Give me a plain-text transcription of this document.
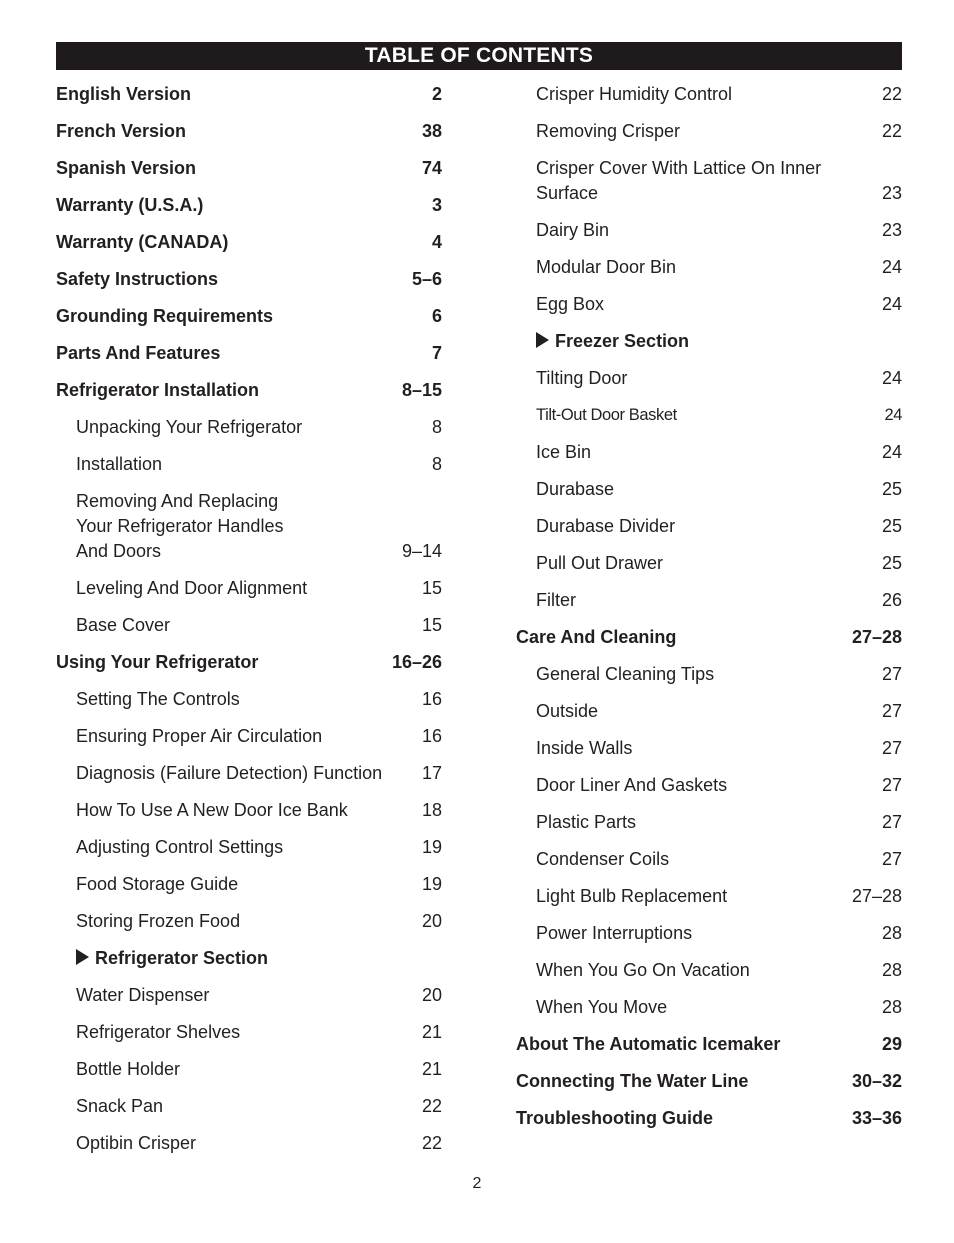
TABLE OF CONTENTS
English Version	2
French Version	38
Spanish Version	74
Warranty (U.S.A.)	3
Warranty (CANADA)	4
Safety Instructions	5–6
Grounding Requirements	6
Parts And Features	7
Refrigerator Installation	8–15
Unpacking Your Refrigerator	8
Installation	8
Removing And Replacing
Your Refrigerator Handles
And Doors	9–14
Leveling And Door Alignment	15
Base Cover	15
Using Your Refrigerator	16–26
Setting The Controls	16
Ensuring Proper Air Circulation	16
Diagnosis (Failure Detection) Function 17
How To Use A New Door Ice Bank	18
Adjusting Control Settings	19
Food Storage Guide	19
Storing Frozen Food	20
Refrigerator Section
Water Dispenser	20
Refrigerator Shelves	21
Bottle Holder	21
Snack Pan	22
Optibin Crisper	22
Crisper Humidity Control	22
Removing Crisper	22
Crisper Cover With Lattice On Inner
Surface	23
Dairy Bin	23
Modular Door Bin	24
Egg Box	24
Freezer Section
Tilting Door	24
Tilt-Out Door Basket	24
Ice Bin	24
Durabase	25
Durabase Divider	25
Pull Out Drawer	25
Filter	26
Care And Cleaning	27–28
General Cleaning Tips	27
Outside	27
Inside Walls	27
Door Liner And Gaskets	27
Plastic Parts	27
Condenser Coils	27
Light Bulb Replacement	27–28
Power Interruptions	28
When You Go On Vacation	28
When You Move	28
About The Automatic Icemaker	29
Connecting The Water Line	30–32
Troubleshooting Guide	33–36
2
